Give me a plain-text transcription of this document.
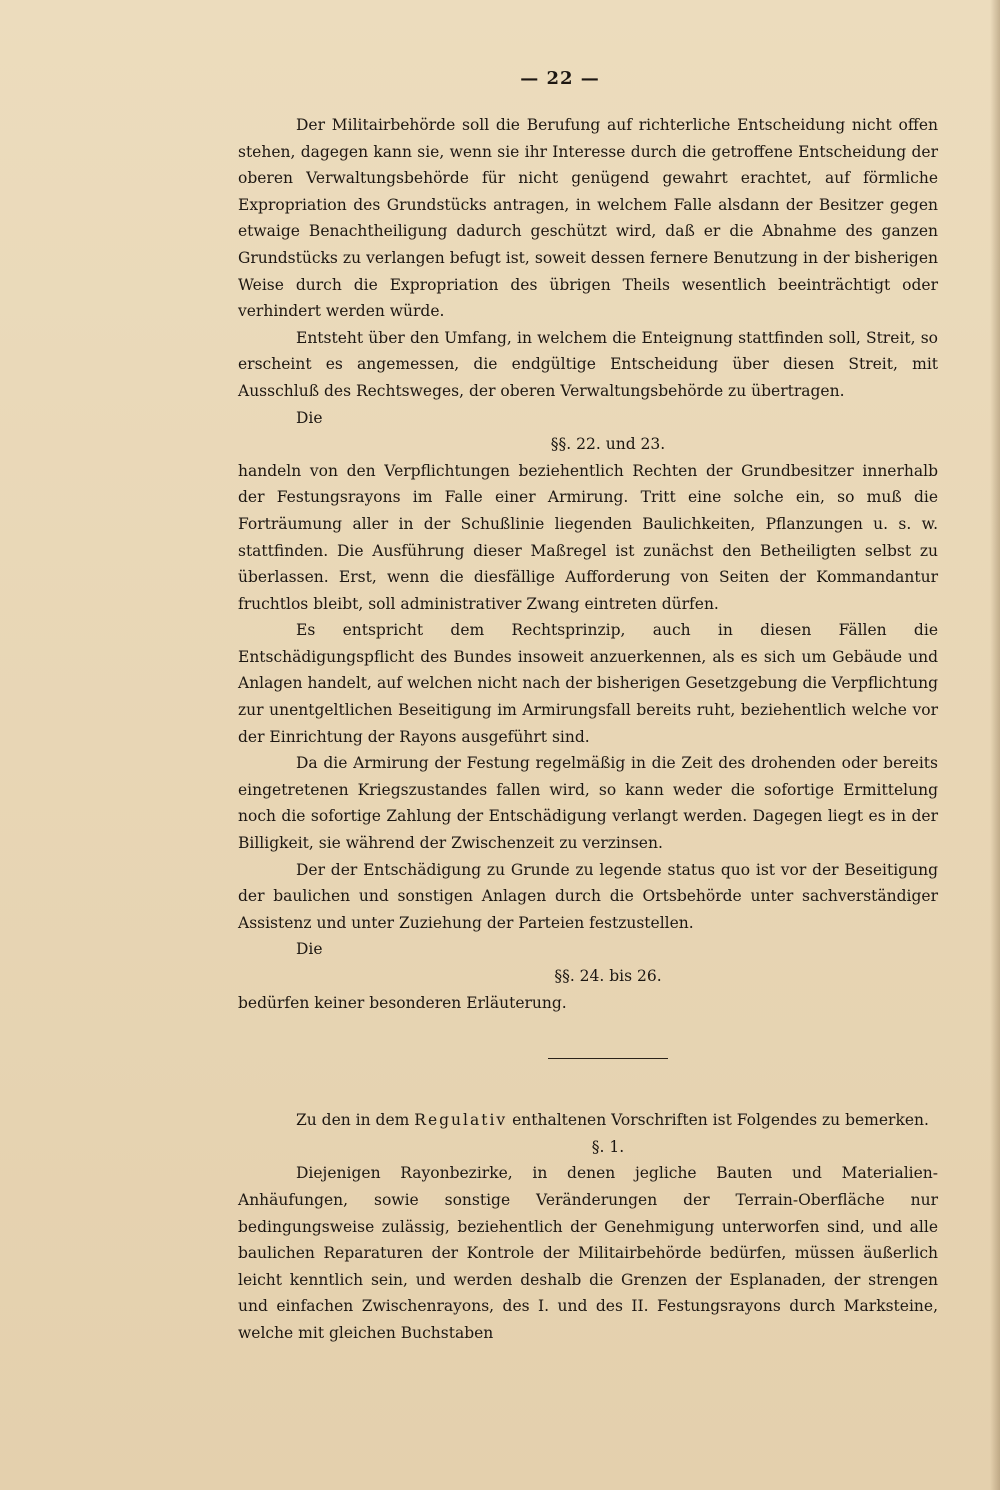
— 22 —

Der Militairbehörde soll die Berufung auf richterliche Entscheidung nicht offen stehen, dagegen kann sie, wenn sie ihr Interesse durch die getroffene Entscheidung der oberen Verwaltungsbehörde für nicht genügend gewahrt erachtet, auf förmliche Expropriation des Grundstücks antragen, in welchem Falle alsdann der Besitzer gegen etwaige Benachtheiligung dadurch geschützt wird, daß er die Abnahme des ganzen Grundstücks zu verlangen befugt ist, soweit dessen fernere Benutzung in der bisherigen Weise durch die Expropriation des übrigen Theils wesentlich beeinträchtigt oder verhindert werden würde.

Entsteht über den Umfang, in welchem die Enteignung stattfinden soll, Streit, so erscheint es angemessen, die endgültige Entscheidung über diesen Streit, mit Ausschluß des Rechtsweges, der oberen Verwaltungsbehörde zu übertragen.

Die

§§. 22. und 23.

handeln von den Verpflichtungen beziehentlich Rechten der Grundbesitzer innerhalb der Festungsrayons im Falle einer Armirung. Tritt eine solche ein, so muß die Forträumung aller in der Schußlinie liegenden Baulichkeiten, Pflanzungen u. s. w. stattfinden. Die Ausführung dieser Maßregel ist zunächst den Betheiligten selbst zu überlassen. Erst, wenn die diesfällige Aufforderung von Seiten der Kommandantur fruchtlos bleibt, soll administrativer Zwang eintreten dürfen.

Es entspricht dem Rechtsprinzip, auch in diesen Fällen die Entschädigungspflicht des Bundes insoweit anzuerkennen, als es sich um Gebäude und Anlagen handelt, auf welchen nicht nach der bisherigen Gesetzgebung die Verpflichtung zur unentgeltlichen Beseitigung im Armirungsfall bereits ruht, beziehentlich welche vor der Einrichtung der Rayons ausgeführt sind.

Da die Armirung der Festung regelmäßig in die Zeit des drohenden oder bereits eingetretenen Kriegszustandes fallen wird, so kann weder die sofortige Ermittelung noch die sofortige Zahlung der Entschädigung verlangt werden. Dagegen liegt es in der Billigkeit, sie während der Zwischenzeit zu verzinsen.

Der der Entschädigung zu Grunde zu legende status quo ist vor der Beseitigung der baulichen und sonstigen Anlagen durch die Ortsbehörde unter sachverständiger Assistenz und unter Zuziehung der Parteien festzustellen.

Die

§§. 24. bis 26.

bedürfen keiner besonderen Erläuterung.

Zu den in dem Regulativ enthaltenen Vorschriften ist Folgendes zu bemerken.

§. 1.

Diejenigen Rayonbezirke, in denen jegliche Bauten und Materialien-Anhäufungen, sowie sonstige Veränderungen der Terrain-Oberfläche nur bedingungsweise zulässig, beziehentlich der Genehmigung unterworfen sind, und alle baulichen Reparaturen der Kontrole der Militairbehörde bedürfen, müssen äußerlich leicht kenntlich sein, und werden deshalb die Grenzen der Esplanaden, der strengen und einfachen Zwischenrayons, des I. und des II. Festungsrayons durch Marksteine, welche mit gleichen Buchstaben
